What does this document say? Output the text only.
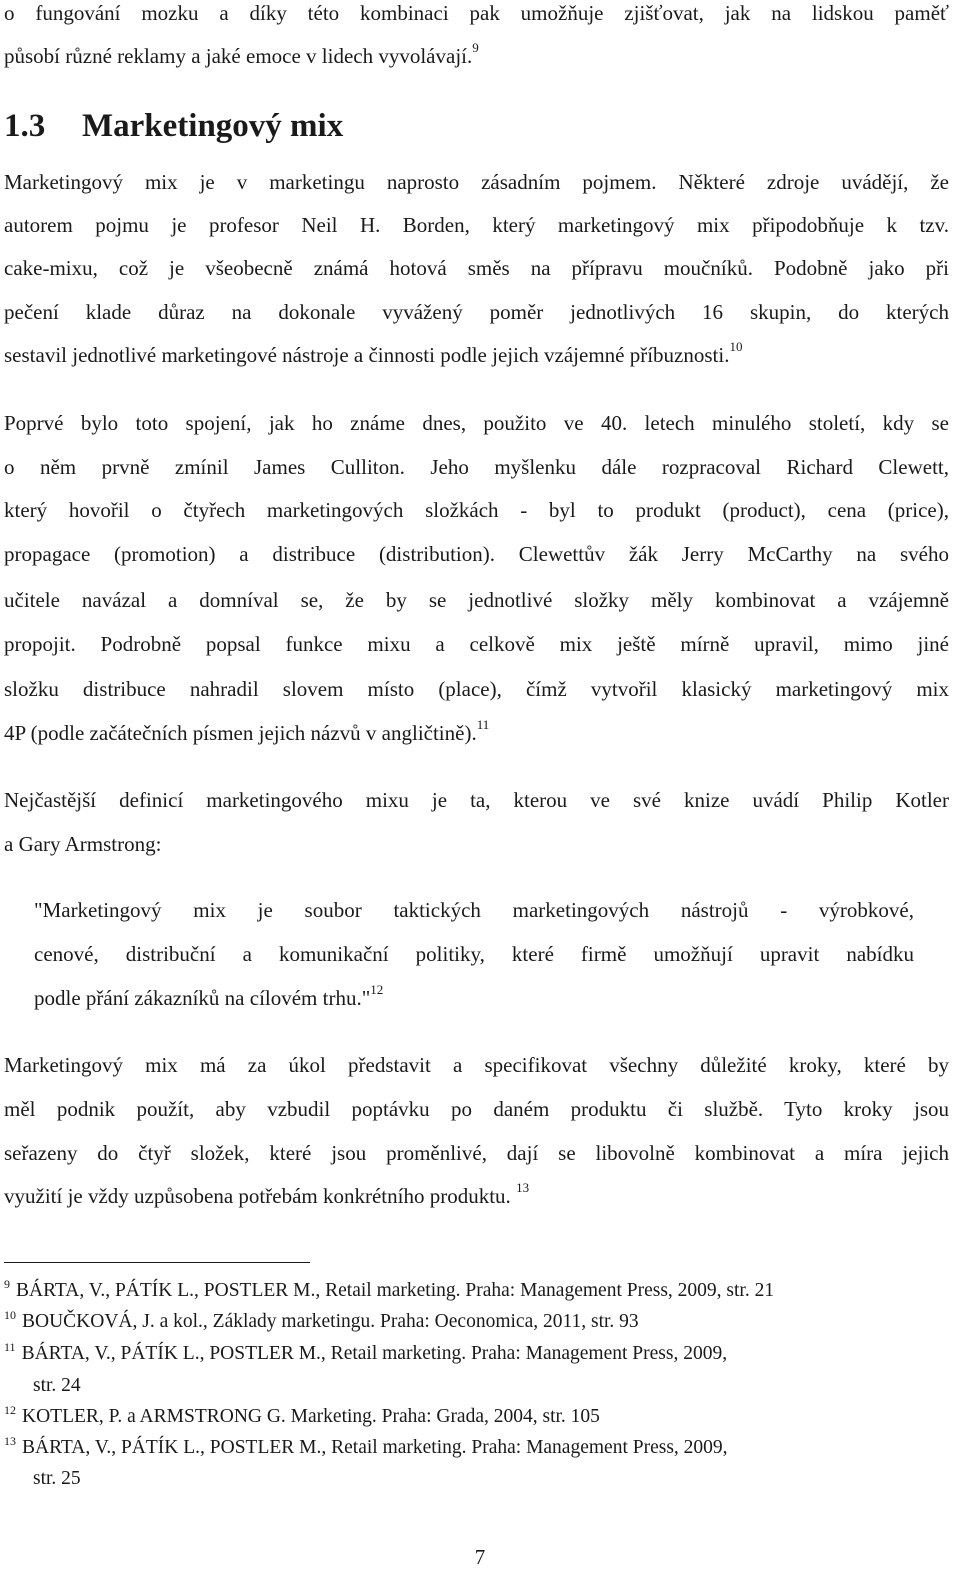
o fungování mozku a díky této kombinaci pak umožňuje zjišťovat, jak na lidskou paměť
působí různé reklamy a jaké emoce v lidech vyvolávají.$^9$
1.3 Marketingový mix
Marketingový mix je v marketingu naprosto zásadním pojmem. Některé zdroje uvádějí, že
autorem pojmu je profesor Neil H. Borden, který marketingový mix připodobňuje k tzv.
cake-mixu, což je všeobecně známá hotová směs na přípravu moučníků. Podobně jako při
pečení klade důraz na dokonale vyvážený poměr jednotlivých 16 skupin, do kterých
sestavil jednotlivé marketingové nástroje a činnosti podle jejich vzájemné příbuznosti.$^{10}$
Poprvé bylo toto spojení, jak ho známe dnes, použito ve 40. letech minulého století, kdy se
o něm prvně zmínil James Culliton. Jeho myšlenku dále rozpracoval Richard Clewett,
který hovořil o čtyřech marketingových složkách - byl to produkt (product), cena (price),
propagace (promotion) a distribuce (distribution). Clewettův žák Jerry McCarthy na svého
učitele navázal a domníval se, že by se jednotlivé složky měly kombinovat a vzájemně
propojit. Podrobně popsal funkce mixu a celkově mix ještě mírně upravil, mimo jiné
složku distribuce nahradil slovem místo (place), čímž vytvořil klasický marketingový mix
4P (podle začátečních písmen jejich názvů v angličtině).$^{11}$
Nejčastější definicí marketingového mixu je ta, kterou ve své knize uvádí Philip Kotler
a Gary Armstrong:
"Marketingový mix je soubor taktických marketingových nástrojů - výrobkové,
cenové, distribuční a komunikační politiky, které firmě umožňují upravit nabídku
podle přání zákazníků na cílovém trhu."$^{12}$
Marketingový mix má za úkol představit a specifikovat všechny důležité kroky, které by
měl podnik použít, aby vzbudil poptávku po daném produktu či službě. Tyto kroky jsou
seřazeny do čtyř složek, které jsou proměnlivé, dají se libovolně kombinovat a míra jejich
využití je vždy uzpůsobena potřebám konkrétního produktu. $^{13}$
$^9$ BÁRTA, V., PÁTÍK L., POSTLER M., Retail marketing. Praha: Management Press, 2009, str. 21
$^{10}$ BOUČKOVÁ, J. a kol., Základy marketingu. Praha: Oeconomica, 2011, str. 93
$^{11}$ BÁRTA, V., PÁTÍK L., POSTLER M., Retail marketing. Praha: Management Press, 2009,
str. 24
$^{12}$ KOTLER, P. a ARMSTRONG G. Marketing. Praha: Grada, 2004, str. 105
$^{13}$ BÁRTA, V., PÁTÍK L., POSTLER M., Retail marketing. Praha: Management Press, 2009,
str. 25
7
